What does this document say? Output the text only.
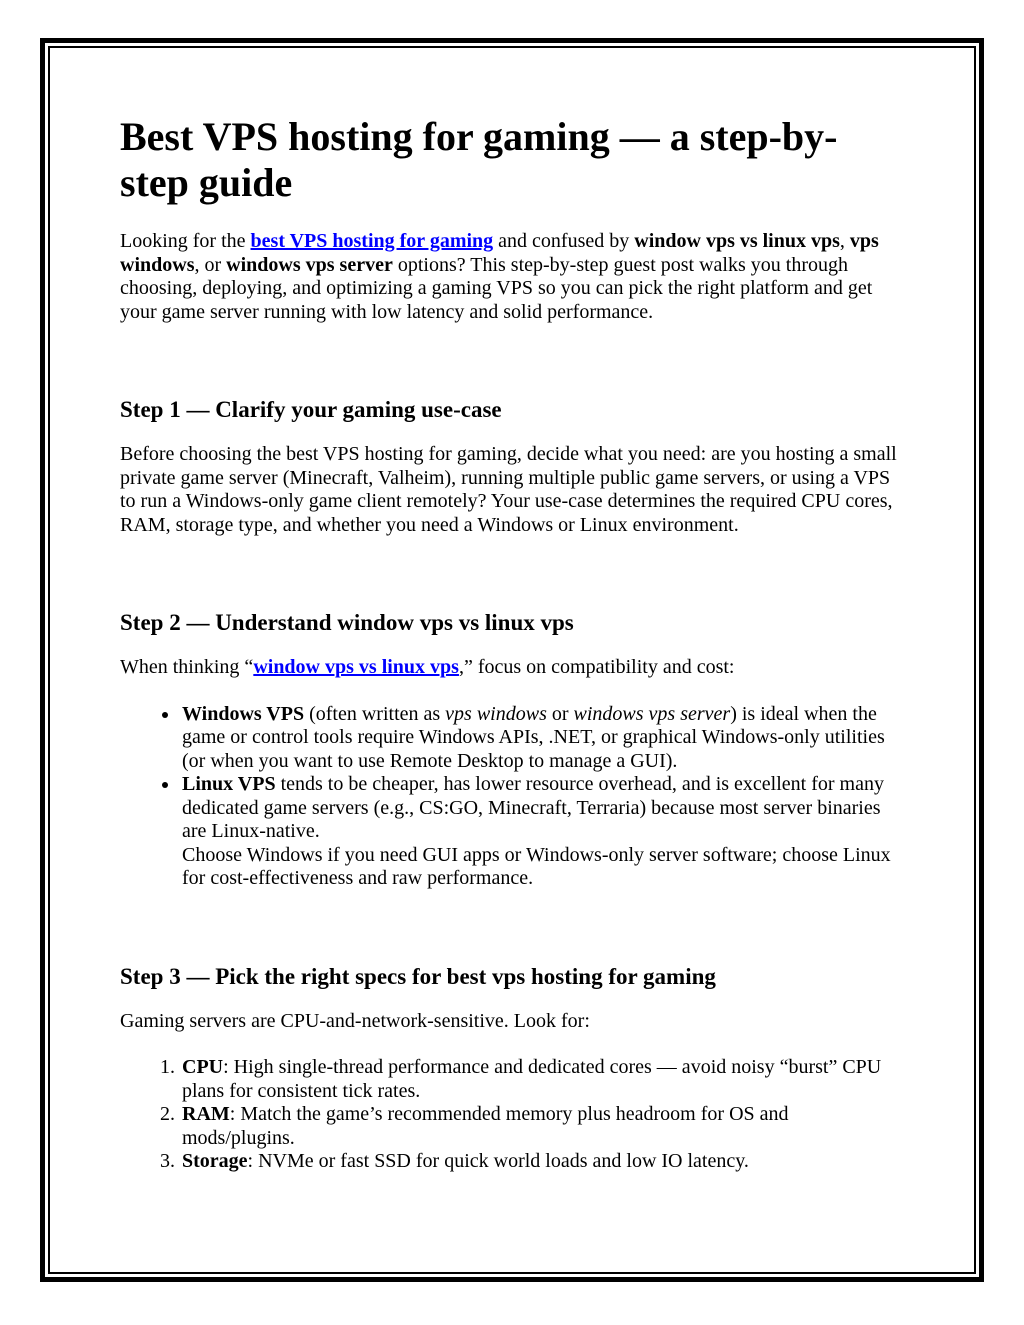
Best VPS hosting for gaming — a step-by-step guide

Looking for the best VPS hosting for gaming and confused by window vps vs linux vps, vps windows, or windows vps server options? This step-by-step guest post walks you through choosing, deploying, and optimizing a gaming VPS so you can pick the right platform and get your game server running with low latency and solid performance.

Step 1 — Clarify your gaming use-case

Before choosing the best VPS hosting for gaming, decide what you need: are you hosting a small private game server (Minecraft, Valheim), running multiple public game servers, or using a VPS to run a Windows-only game client remotely? Your use-case determines the required CPU cores, RAM, storage type, and whether you need a Windows or Linux environment.

Step 2 — Understand window vps vs linux vps

When thinking “window vps vs linux vps,” focus on compatibility and cost:

• Windows VPS (often written as vps windows or windows vps server) is ideal when the game or control tools require Windows APIs, .NET, or graphical Windows-only utilities (or when you want to use Remote Desktop to manage a GUI).
• Linux VPS tends to be cheaper, has lower resource overhead, and is excellent for many dedicated game servers (e.g., CS:GO, Minecraft, Terraria) because most server binaries are Linux-native.
Choose Windows if you need GUI apps or Windows-only server software; choose Linux for cost-effectiveness and raw performance.
Step 3 — Pick the right specs for best vps hosting for gaming

Gaming servers are CPU-and-network-sensitive. Look for:

1. CPU: High single-thread performance and dedicated cores — avoid noisy “burst” CPU plans for consistent tick rates.
2. RAM: Match the game’s recommended memory plus headroom for OS and mods/plugins.
3. Storage: NVMe or fast SSD for quick world loads and low IO latency.
